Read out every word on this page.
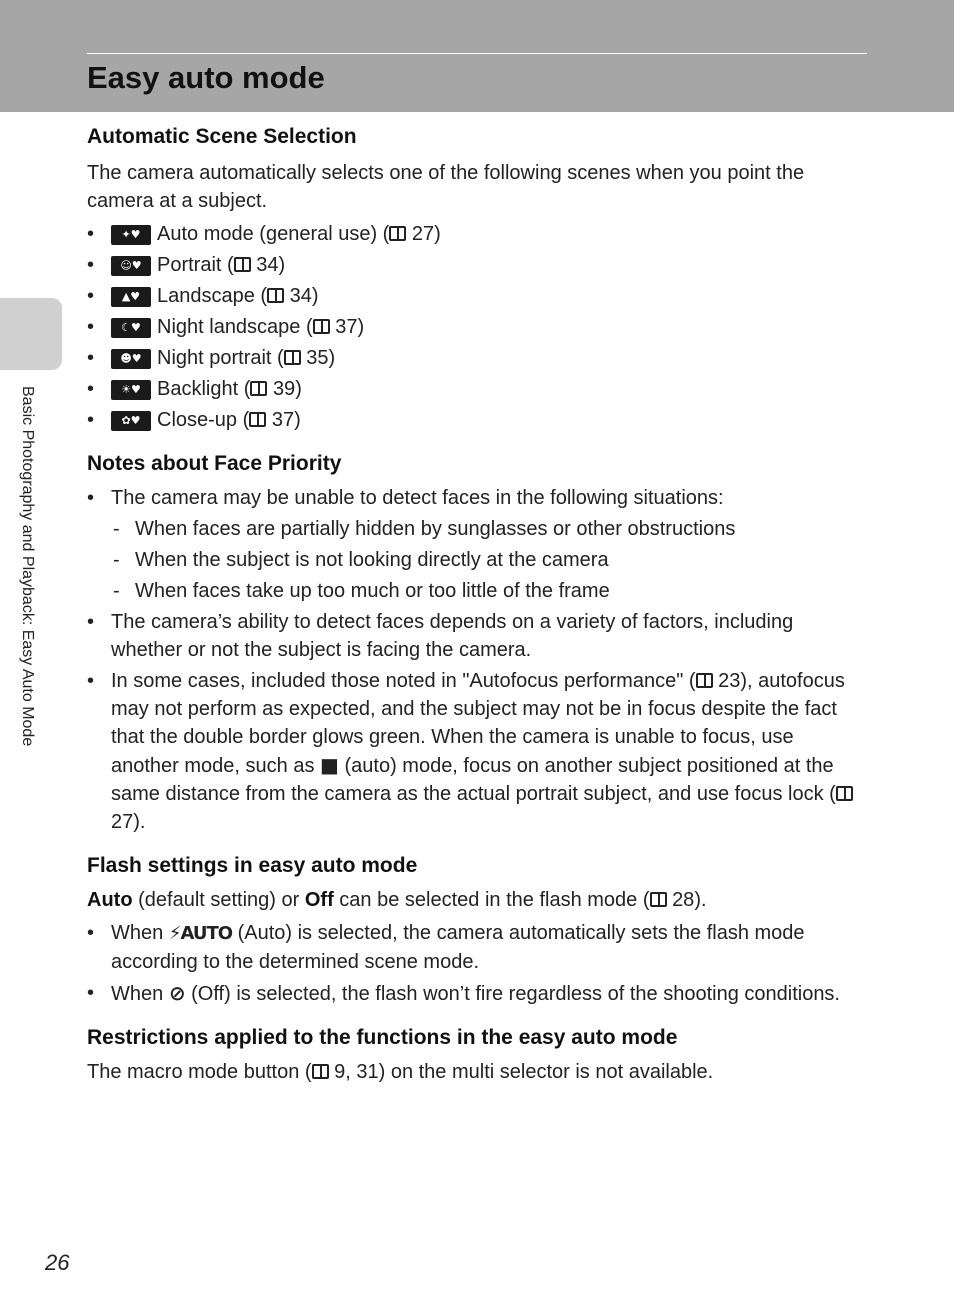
Easy auto mode
Basic Photography and Playback: Easy Auto Mode
Automatic Scene Selection

The camera automatically selects one of the following scenes when you point the camera at a subject.

• ✦♥ Auto mode (general use) ( 27)
• ☺♥ Portrait ( 34)
• ▲♥ Landscape ( 34)
• ☾♥ Night landscape ( 37)
• ☻♥ Night portrait ( 35)
• ☀♥ Backlight ( 39)
• ✿♥ Close-up ( 37)
Notes about Face Priority
• The camera may be unable to detect faces in the following situations:
- When faces are partially hidden by sunglasses or other obstructions
- When the subject is not looking directly at the camera
- When faces take up too much or too little of the frame
• The camera’s ability to detect faces depends on a variety of factors, including whether or not the subject is facing the camera.
• In some cases, included those noted in "Autofocus performance" ( 23), autofocus may not perform as expected, and the subject may not be in focus despite the fact that the double border glows green. When the camera is unable to focus, use another mode, such as ■ (auto) mode, focus on another subject positioned at the same distance from the camera as the actual portrait subject, and use focus lock ( 27).
Flash settings in easy auto mode

Auto (default setting) or Off can be selected in the flash mode ( 28).

• When ⚡AUTO (Auto) is selected, the camera automatically sets the flash mode according to the determined scene mode.
• When ⊘ (Off) is selected, the flash won’t fire regardless of the shooting conditions.
Restrictions applied to the functions in the easy auto mode

The macro mode button ( 9, 31) on the multi selector is not available.

26
